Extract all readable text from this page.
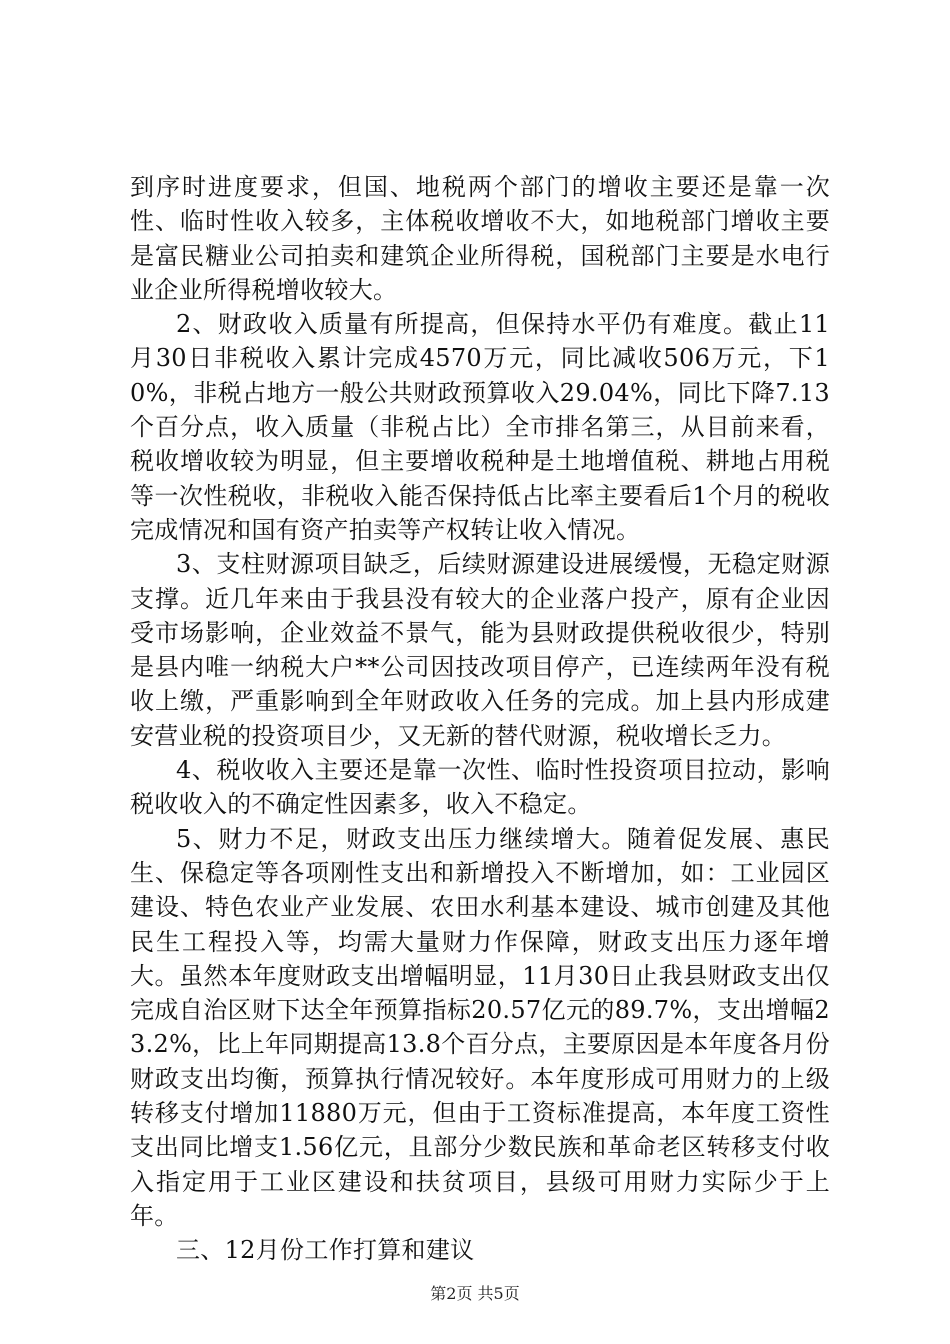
到序时进度要求，但国、地税两个部门的增收主要还是靠一次性、临时性收入较多，主体税收增收不大，如地税部门增收主要是富民糖业公司拍卖和建筑企业所得税，国税部门主要是水电行业企业所得税增收较大。

2、财政收入质量有所提高，但保持水平仍有难度。截止11月30日非税收入累计完成4570万元，同比减收506万元，下10%，非税占地方一般公共财政预算收入29.04%，同比下降7.13个百分点，收入质量（非税占比）全市排名第三，从目前来看，税收增收较为明显，但主要增收税种是土地增值税、耕地占用税等一次性税收，非税收入能否保持低占比率主要看后1个月的税收完成情况和国有资产拍卖等产权转让收入情况。

3、支柱财源项目缺乏，后续财源建设进展缓慢，无稳定财源支撑。近几年来由于我县没有较大的企业落户投产，原有企业因受市场影响，企业效益不景气，能为县财政提供税收很少，特别是县内唯一纳税大户**公司因技改项目停产，已连续两年没有税收上缴，严重影响到全年财政收入任务的完成。加上县内形成建安营业税的投资项目少，又无新的替代财源，税收增长乏力。

4、税收收入主要还是靠一次性、临时性投资项目拉动，影响税收收入的不确定性因素多，收入不稳定。

5、财力不足，财政支出压力继续增大。随着促发展、惠民生、保稳定等各项刚性支出和新增投入不断增加，如：工业园区建设、特色农业产业发展、农田水利基本建设、城市创建及其他民生工程投入等，均需大量财力作保障，财政支出压力逐年增大。虽然本年度财政支出增幅明显，11月30日止我县财政支出仅完成自治区财下达全年预算指标20.57亿元的89.7%，支出增幅23.2%，比上年同期提高13.8个百分点，主要原因是本年度各月份财政支出均衡，预算执行情况较好。本年度形成可用财力的上级转移支付增加11880万元，但由于工资标准提高，本年度工资性支出同比增支1.56亿元，且部分少数民族和革命老区转移支付收入指定用于工业区建设和扶贫项目，县级可用财力实际少于上年。

三、12月份工作打算和建议

第2页 共5页
